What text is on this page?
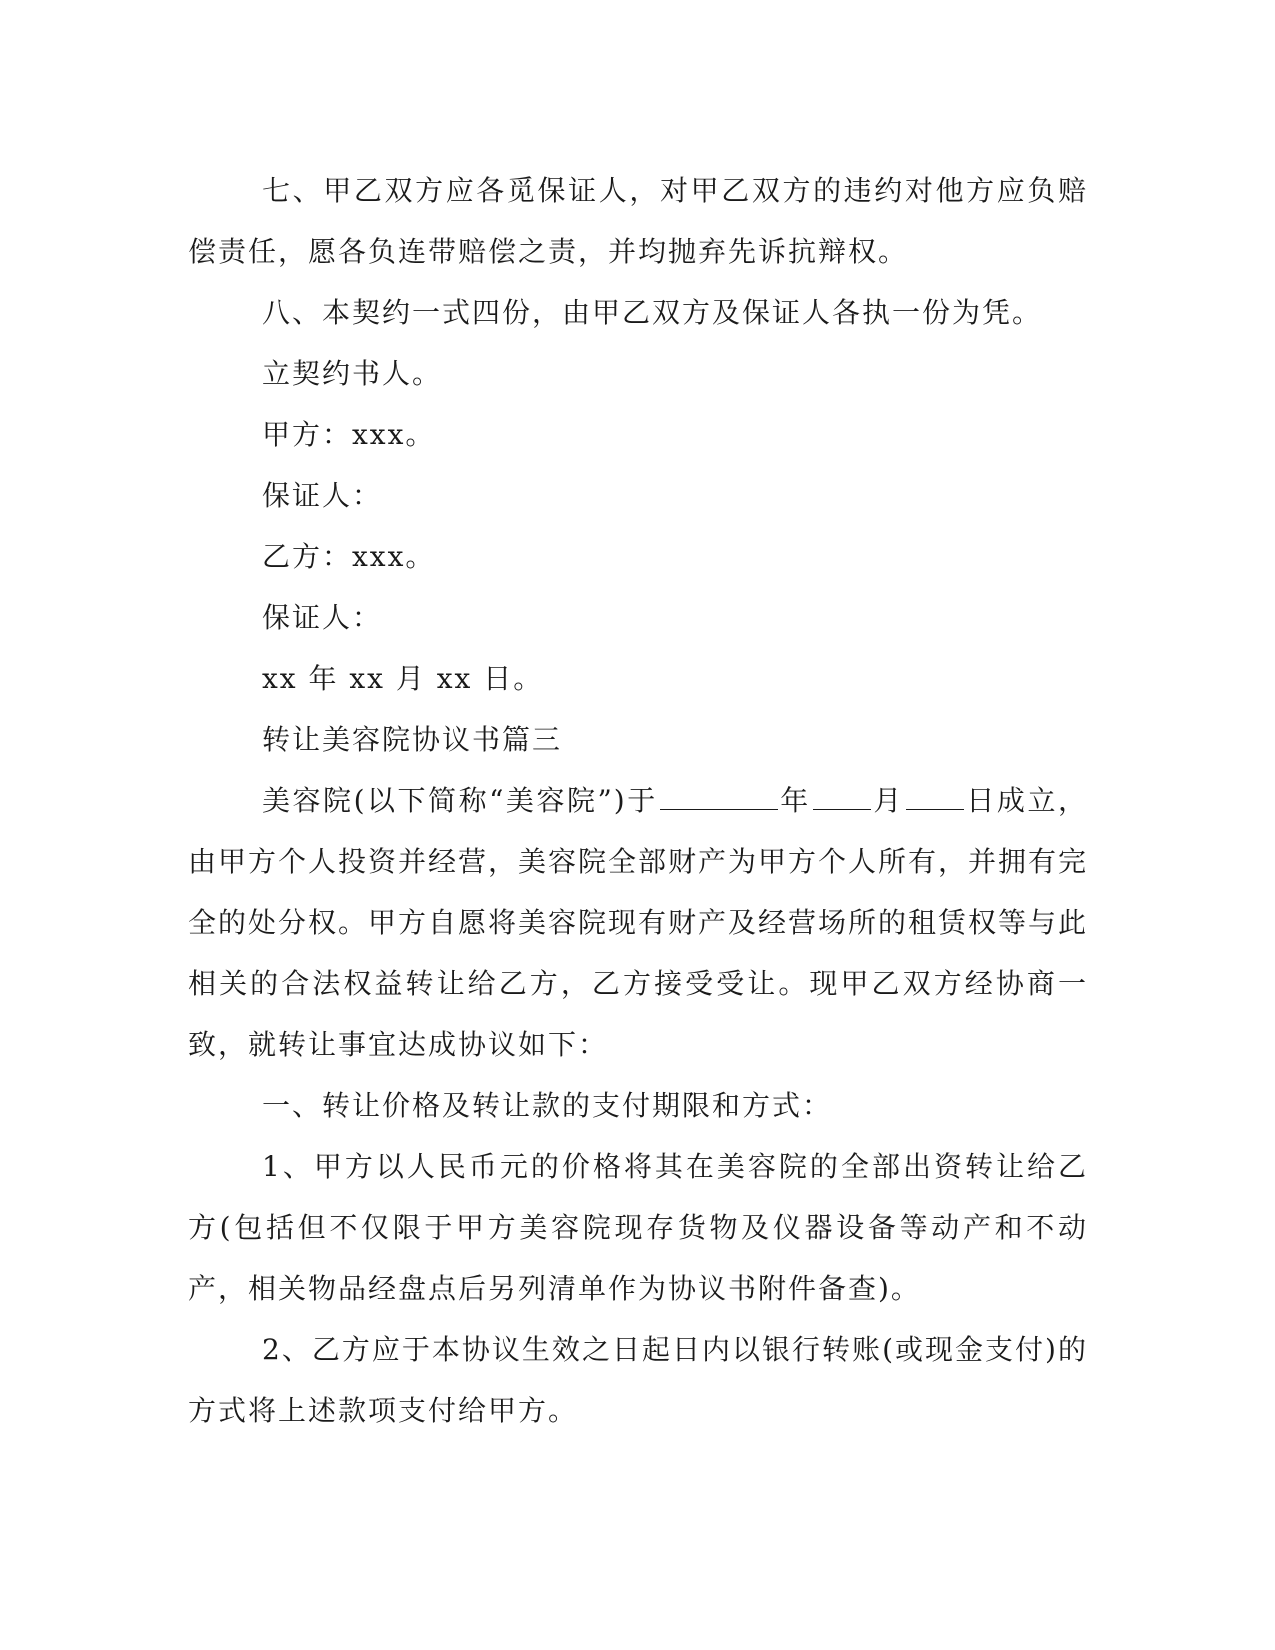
七、甲乙双方应各觅保证人，对甲乙双方的违约对他方应负赔偿责任，愿各负连带赔偿之责，并均抛弃先诉抗辩权。

八、本契约一式四份，由甲乙双方及保证人各执一份为凭。

立契约书人。

甲方：xxx。

保证人：

乙方：xxx。

保证人：

xx 年 xx 月 xx 日。

转让美容院协议书篇三

美容院(以下简称“美容院”)于	年 月 日成立，由甲方个人投资并经营，美容院全部财产为甲方个人所有，并拥有完全的处分权。甲方自愿将美容院现有财产及经营场所的租赁权等与此相关的合法权益转让给乙方，乙方接受受让。现甲乙双方经协商一致，就转让事宜达成协议如下：

一、转让价格及转让款的支付期限和方式：

1、甲方以人民币元的价格将其在美容院的全部出资转让给乙方(包括但不仅限于甲方美容院现存货物及仪器设备等动产和不动产，相关物品经盘点后另列清单作为协议书附件备查)。

2、乙方应于本协议生效之日起日内以银行转账(或现金支付)的方式将上述款项支付给甲方。
